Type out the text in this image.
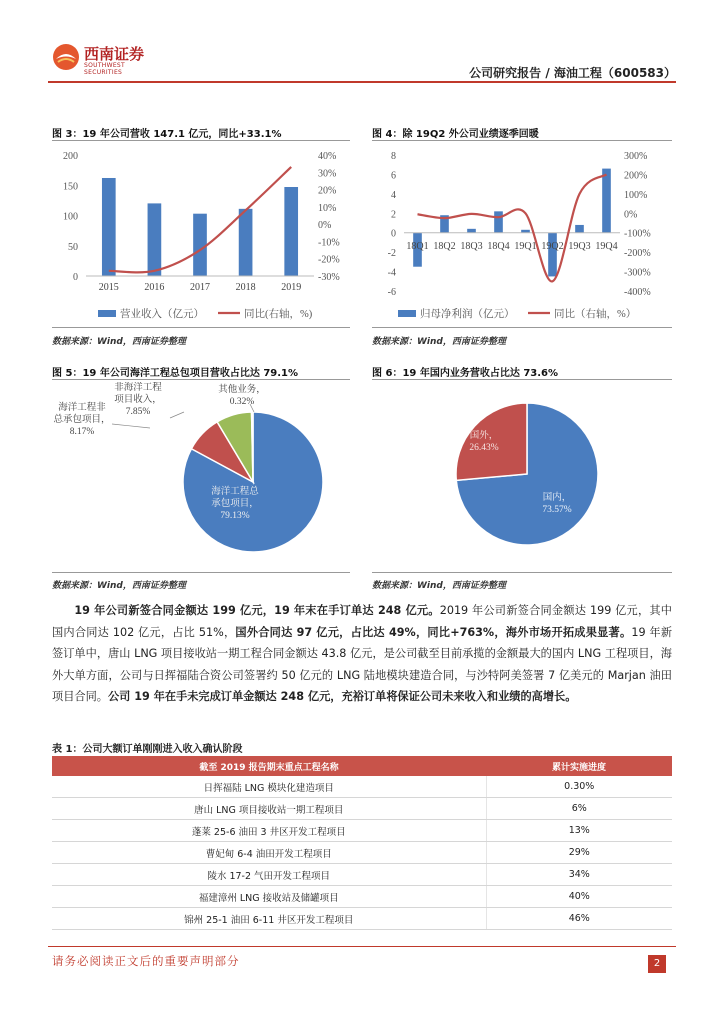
西南证券
SOUTHWEST SECURITIES	公司研究报告 / 海油工程（600583）
图 3：19 年公司营收 147.1 亿元，同比+33.1%
0
50
100
150
200
-30%
-20%
-10%
0%
10%
20%
30%
40%
2015	2016	2017	2018	2019
营业收入（亿元）	同比(右轴，%)
数据来源：Wind，西南证券整理
图 4：除 19Q2 外公司业绩逐季回暖
-6
-4
-2
0
2
4
6
8
-400%
-300%
-200%
-100%
0%
100%
200%
300%
18Q1 18Q2 18Q3 18Q4 19Q1 19Q2 19Q3 19Q4
归母净利润（亿元）	同比（右轴，%）
数据来源：Wind，西南证券整理
图 5：19 年公司海洋工程总包项目营收占比达 79.1%
海洋工程总
承包项目，
79.13%
海洋工程非
总承包项目，
8.17%
非海洋工程
项目收入，
7.85%
其他业务，
0.32%
数据来源：Wind，西南证券整理
图 6：19 年国内业务营收占比达 73.6%
国内，
73.57%
国外，
26.43%
数据来源：Wind，西南证券整理
19 年公司新签合同金额达 199 亿元，19 年末在手订单达 248 亿元。2019 年公司新签合同金额达 199 亿元，其中国内合同达 102 亿元，占比 51%，国外合同达 97 亿元，占比达 49%，同比+763%，海外市场开拓成果显著。19 年新签订单中，唐山 LNG 项目接收站一期工程合同金额达 43.8 亿元，是公司截至目前承揽的金额最大的国内 LNG 工程项目，海外大单方面，公司与日挥福陆合资公司签署约 50 亿元的 LNG 陆地模块建造合同，与沙特阿美签署 7 亿美元的 Marjan 油田项目合同。公司 19 年在手未完成订单金额达 248 亿元，充裕订单将保证公司未来收入和业绩的高增长。
表 1：公司大额订单刚刚进入收入确认阶段
截至 2019 报告期末重点工程名称	累计实施进度
日挥福陆 LNG 模块化建造项目	0.30%
唐山 LNG 项目接收站一期工程项目	6%
蓬莱 25-6 油田 3 井区开发工程项目	13%
曹妃甸 6-4 油田开发工程项目	29%
陵水 17-2 气田开发工程项目	34%
福建漳州 LNG 接收站及储罐项目	40%
锦州 25-1 油田 6-11 井区开发工程项目	46%
请务必阅读正文后的重要声明部分	2
